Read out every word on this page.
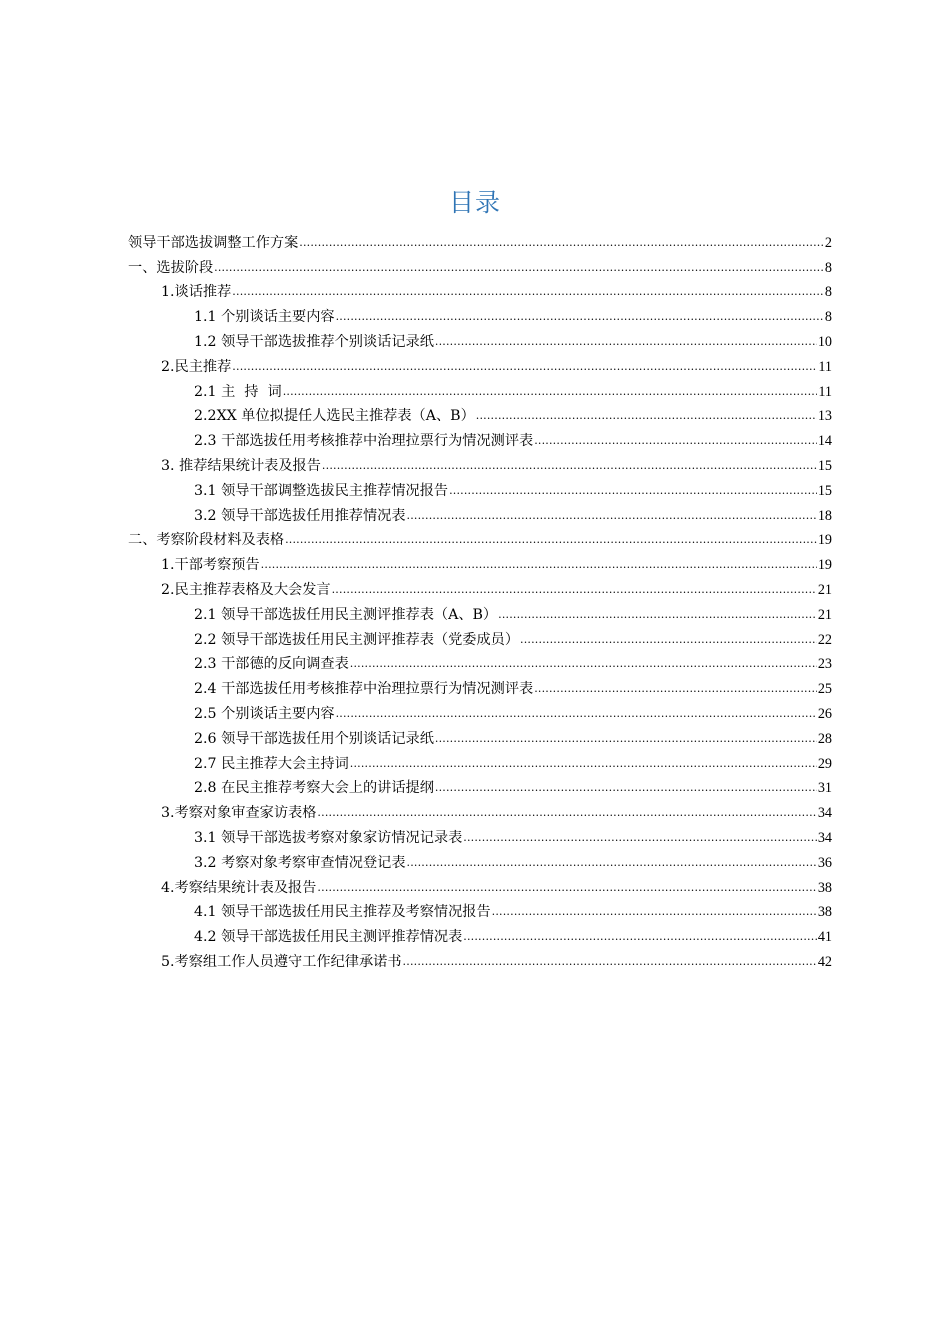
目录
领导干部选拔调整工作方案 .....	2
一、选拔阶段 .....	8
1.谈话推荐 .....	8
1.1 个别谈话主要内容 .....	8
1.2 领导干部选拔推荐个别谈话记录纸 .....	10
2.民主推荐 .....	11
2.1 主  持  词 .....	11
2.2XX 单位拟提任人选民主推荐表（A、B） .....	13
2.3 干部选拔任用考核推荐中治理拉票行为情况测评表 .....	14
3. 推荐结果统计表及报告 .....	15
3.1 领导干部调整选拔民主推荐情况报告 .....	15
3.2 领导干部选拔任用推荐情况表 .....	18
二、考察阶段材料及表格 .....	19
1.干部考察预告 .....	19
2.民主推荐表格及大会发言 .....	21
2.1 领导干部选拔任用民主测评推荐表（A、B） .....	21
2.2 领导干部选拔任用民主测评推荐表（党委成员） .....	22
2.3 干部德的反向调查表 .....	23
2.4 干部选拔任用考核推荐中治理拉票行为情况测评表 .....	25
2.5 个别谈话主要内容 .....	26
2.6 领导干部选拔任用个别谈话记录纸 .....	28
2.7 民主推荐大会主持词 .....	29
2.8 在民主推荐考察大会上的讲话提纲 .....	31
3.考察对象审查家访表格 .....	34
3.1 领导干部选拔考察对象家访情况记录表 .....	34
3.2 考察对象考察审查情况登记表 .....	36
4.考察结果统计表及报告 .....	38
4.1 领导干部选拔任用民主推荐及考察情况报告 .....	38
4.2 领导干部选拔任用民主测评推荐情况表 .....	41
5.考察组工作人员遵守工作纪律承诺书 .....	42
